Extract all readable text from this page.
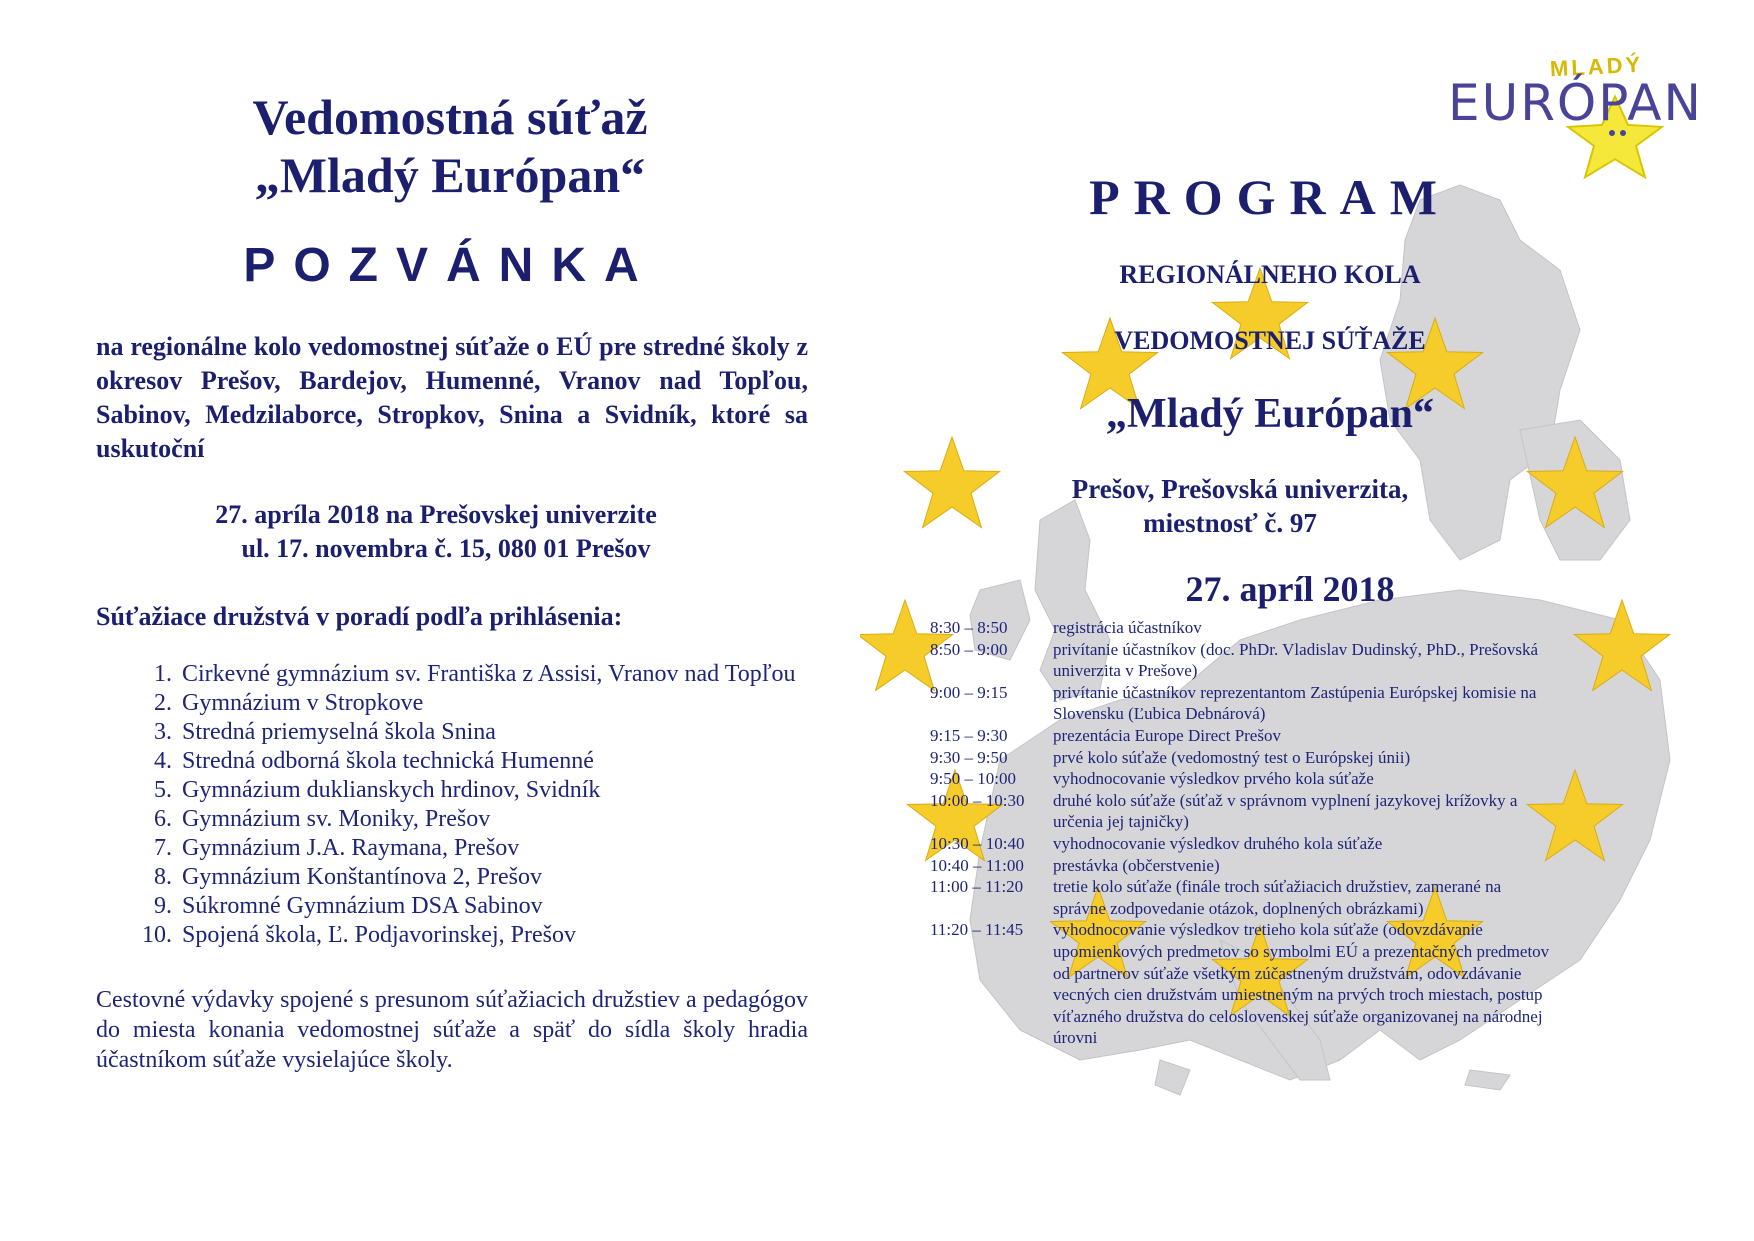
Vedomostná súťaž
„Mladý Európan“
POZVÁNKA
na regionálne kolo vedomostnej súťaže o EÚ pre stredné školy z okresov Prešov, Bardejov, Humenné, Vranov nad Topľou, Sabinov, Medzilaborce, Stropkov, Snina a Svidník, ktoré sa uskutoční
27. apríla 2018 na Prešovskej univerzite
ul. 17. novembra č. 15, 080 01 Prešov
Súťažiace družstvá v poradí podľa prihlásenia:
1. Cirkevné gymnázium sv. Františka z Assisi, Vranov nad Topľou
2. Gymnázium v Stropkove
3. Stredná priemyselná škola Snina
4. Stredná odborná škola technická Humenné
5. Gymnázium duklianskych hrdinov, Svidník
6. Gymnázium sv. Moniky, Prešov
7. Gymnázium J.A. Raymana, Prešov
8. Gymnázium Konštantínova 2, Prešov
9. Súkromné Gymnázium DSA Sabinov
10. Spojená škola, Ľ. Podjavorinskej, Prešov
Cestovné výdavky spojené s presunom súťažiacich družstiev a pedagógov do miesta konania vedomostnej súťaže a späť do sídla školy hradia účastníkom súťaže vysielajúce školy.
MLADÝ
EURÓPAN
PROGRAM
REGIONÁLNEHO KOLA
VEDOMOSTNEJ SÚŤAŽE
„Mladý Európan“
Prešov, Prešovská univerzita,
miestnosť č. 97
27. apríl 2018
8:30 – 8:50	registrácia účastníkov
8:50 – 9:00	privítanie účastníkov (doc. PhDr. Vladislav Dudinský, PhD., Prešovská univerzita v Prešove)
9:00 – 9:15	privítanie účastníkov reprezentantom Zastúpenia Európskej komisie na Slovensku (Ľubica Debnárová)
9:15 – 9:30	prezentácia Europe Direct Prešov
9:30 – 9:50	prvé kolo súťaže (vedomostný test o Európskej únii)
9:50 – 10:00	vyhodnocovanie výsledkov prvého kola súťaže
10:00 – 10:30	druhé kolo súťaže (súťaž v správnom vyplnení jazykovej krížovky a určenia jej tajničky)
10:30 – 10:40	vyhodnocovanie výsledkov druhého kola súťaže
10:40 – 11:00	prestávka (občerstvenie)
11:00 – 11:20	tretie kolo súťaže (finále troch súťažiacich družstiev, zamerané na správne zodpovedanie otázok, doplnených obrázkami)
11:20 – 11:45	vyhodnocovanie výsledkov tretieho kola súťaže (odovzdávanie upomienkových predmetov so symbolmi EÚ a prezentačných predmetov od partnerov súťaže všetkým zúčastneným družstvám, odovzdávanie vecných cien družstvám umiestneným na prvých troch miestach, postup víťazného družstva do celoslovenskej súťaže organizovanej na národnej úrovni
